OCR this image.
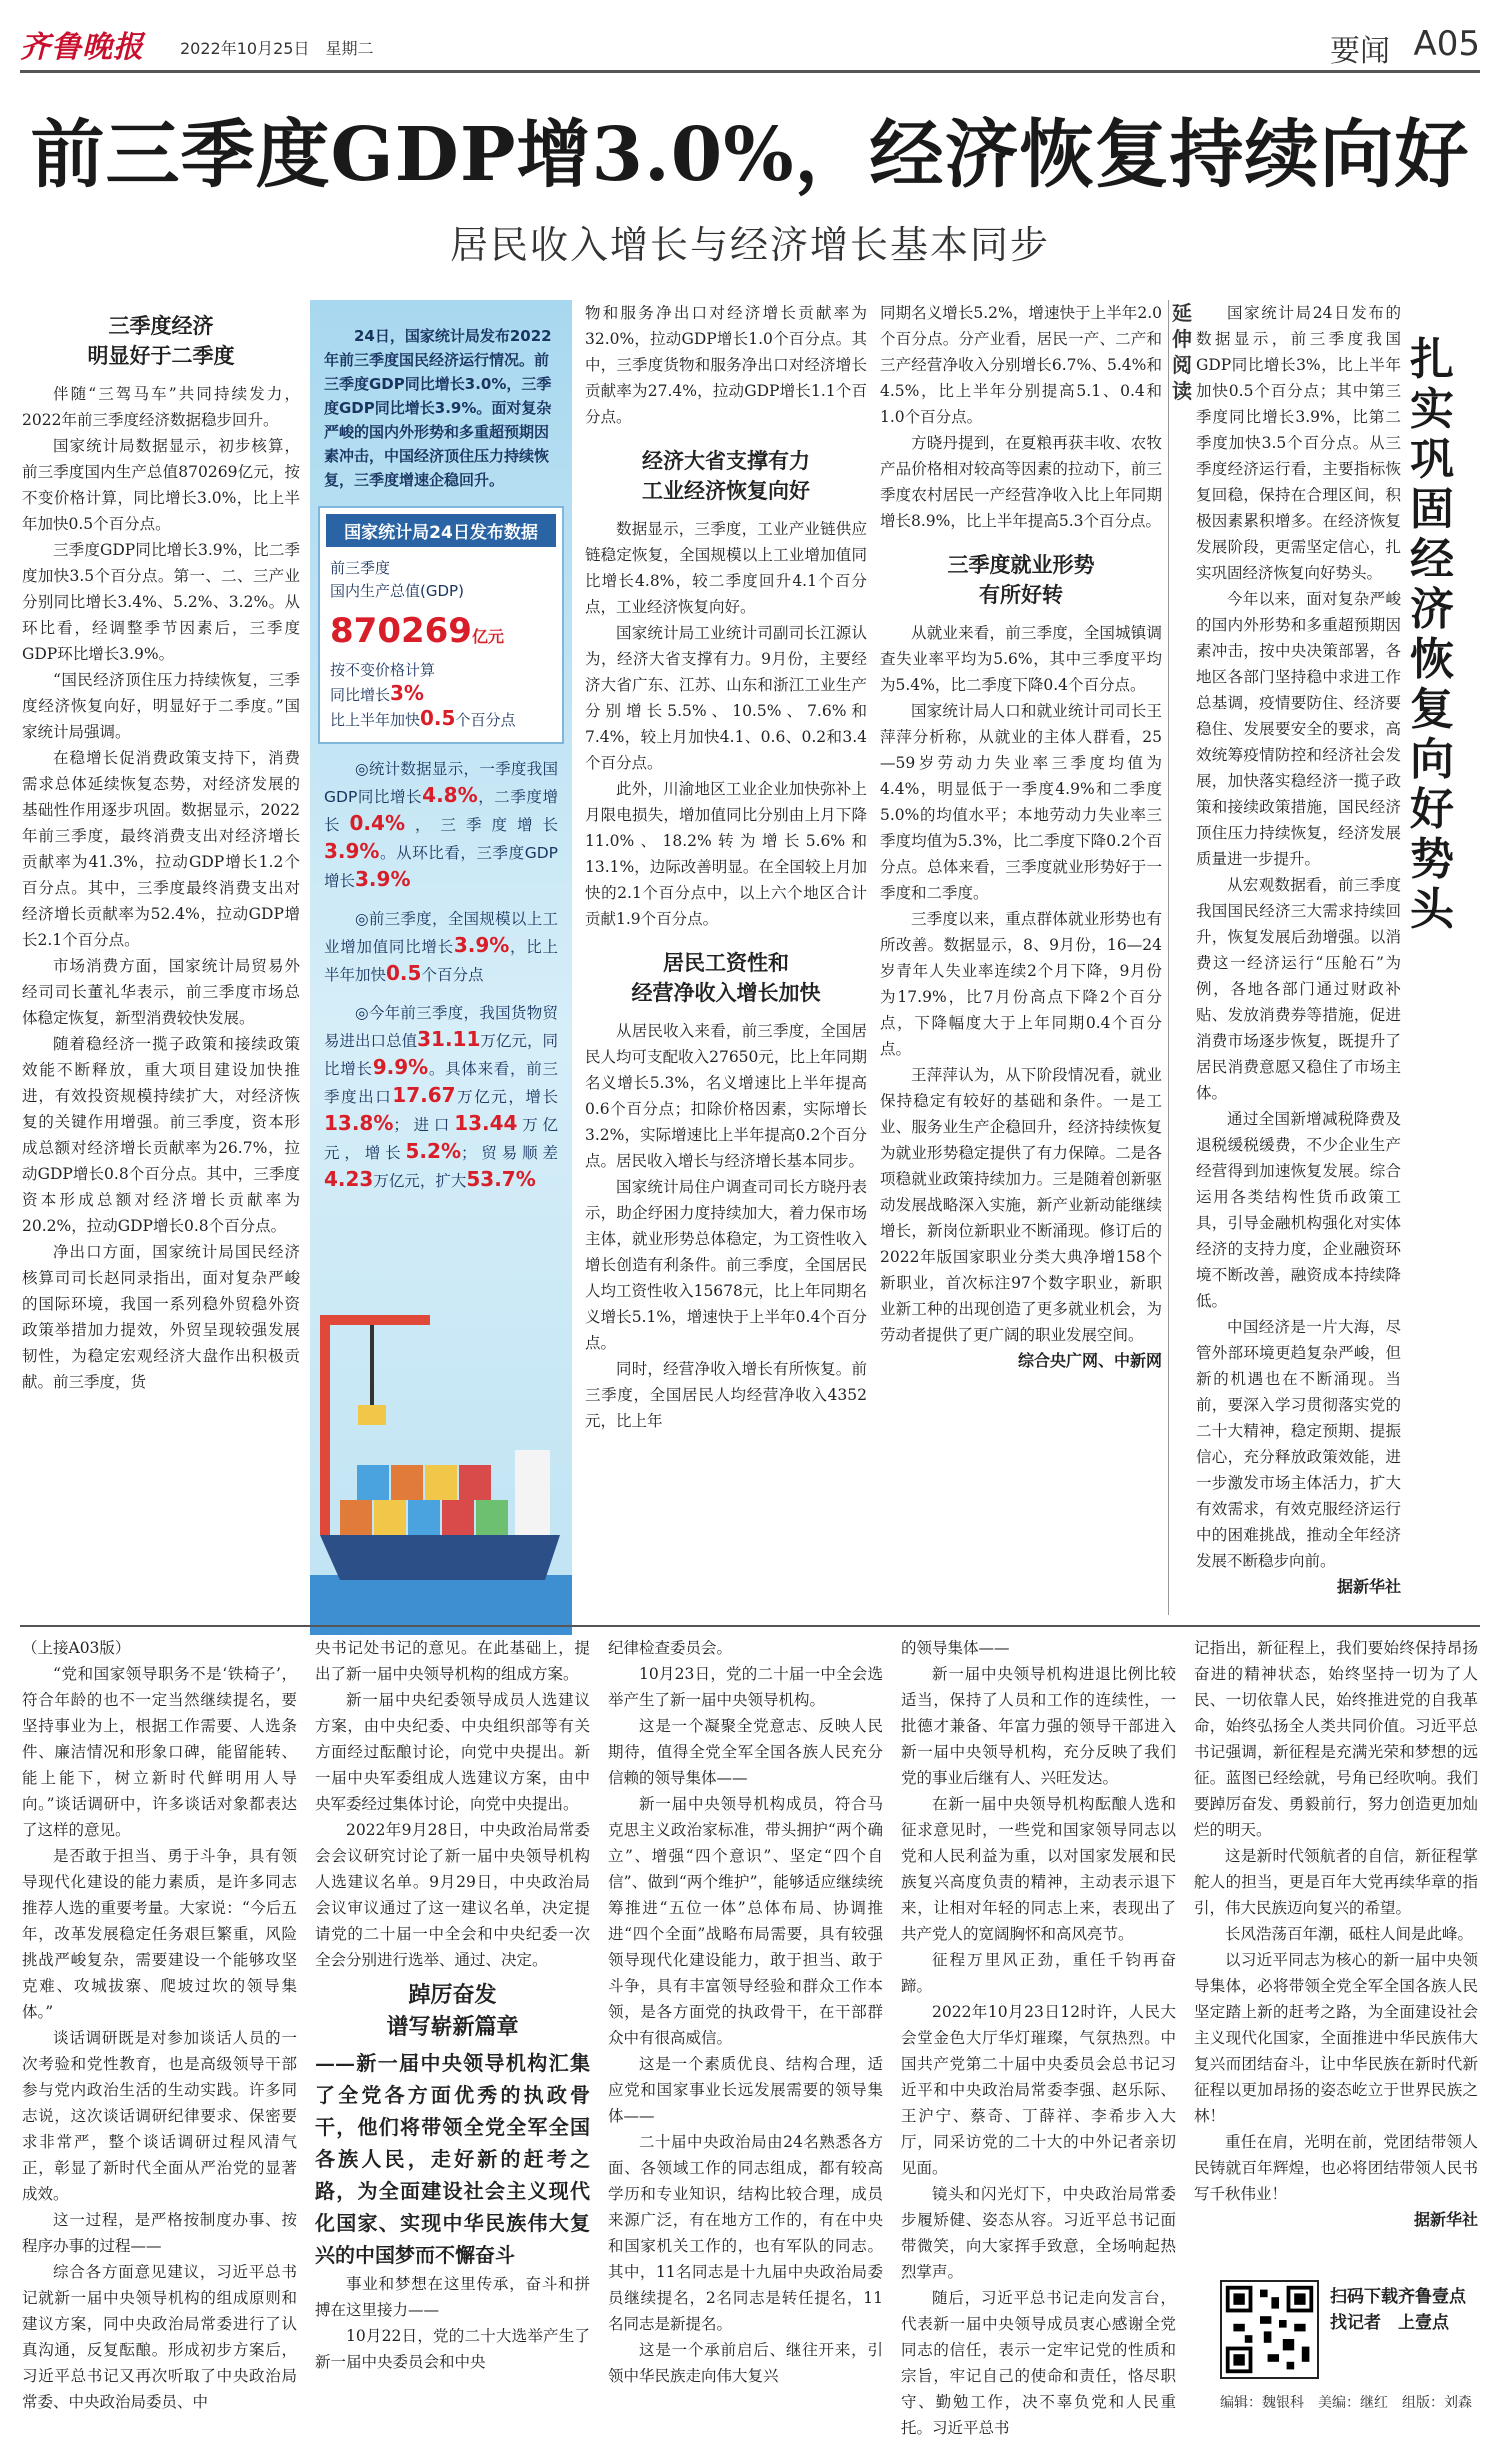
齐鲁晚报 2022年10月25日　星期二	要闻 A05
前三季度GDP增3.0%，经济恢复持续向好
居民收入增长与经济增长基本同步
三季度经济
明显好于二季度

伴随“三驾马车”共同持续发力，2022年前三季度经济数据稳步回升。

国家统计局数据显示，初步核算，前三季度国内生产总值870269亿元，按不变价格计算，同比增长3.0%，比上半年加快0.5个百分点。

三季度GDP同比增长3.9%，比二季度加快3.5个百分点。第一、二、三产业分别同比增长3.4%、5.2%、3.2%。从环比看，经调整季节因素后，三季度GDP环比增长3.9%。

“国民经济顶住压力持续恢复，三季度经济恢复向好，明显好于二季度。”国家统计局强调。

在稳增长促消费政策支持下，消费需求总体延续恢复态势，对经济发展的基础性作用逐步巩固。数据显示，2022年前三季度，最终消费支出对经济增长贡献率为41.3%，拉动GDP增长1.2个百分点。其中，三季度最终消费支出对经济增长贡献率为52.4%，拉动GDP增长2.1个百分点。

市场消费方面，国家统计局贸易外经司司长董礼华表示，前三季度市场总体稳定恢复，新型消费较快发展。

随着稳经济一揽子政策和接续政策效能不断释放，重大项目建设加快推进，有效投资规模持续扩大，对经济恢复的关键作用增强。前三季度，资本形成总额对经济增长贡献率为26.7%，拉动GDP增长0.8个百分点。其中，三季度资本形成总额对经济增长贡献率为20.2%，拉动GDP增长0.8个百分点。

净出口方面，国家统计局国民经济核算司司长赵同录指出，面对复杂严峻的国际环境，我国一系列稳外贸稳外资政策举措加力提效，外贸呈现较强发展韧性，为稳定宏观经济大盘作出积极贡献。前三季度，货

24日，国家统计局发布2022年前三季度国民经济运行情况。前三季度GDP同比增长3.0%，三季度GDP同比增长3.9%。面对复杂严峻的国内外形势和多重超预期因素冲击，中国经济顶住压力持续恢复，三季度增速企稳回升。
国家统计局24日发布数据
前三季度
国内生产总值(GDP)
870269亿元
按不变价格计算
同比增长3%
比上半年加快0.5个百分点
◎统计数据显示，一季度我国GDP同比增长4.8%，二季度增长0.4%，三季度增长3.9%。从环比看，三季度GDP增长3.9%
◎前三季度，全国规模以上工业增加值同比增长3.9%，比上半年加快0.5个百分点
◎今年前三季度，我国货物贸易进出口总值31.11万亿元，同比增长9.9%。具体来看，前三季度出口17.67万亿元，增长13.8%；进口13.44万亿元，增长5.2%；贸易顺差4.23万亿元，扩大53.7%

物和服务净出口对经济增长贡献率为32.0%，拉动GDP增长1.0个百分点。其中，三季度货物和服务净出口对经济增长贡献率为27.4%，拉动GDP增长1.1个百分点。

经济大省支撑有力
工业经济恢复向好

数据显示，三季度，工业产业链供应链稳定恢复，全国规模以上工业增加值同比增长4.8%，较二季度回升4.1个百分点，工业经济恢复向好。

国家统计局工业统计司副司长江源认为，经济大省支撑有力。9月份，主要经济大省广东、江苏、山东和浙江工业生产分别增长5.5%、10.5%、7.6%和7.4%，较上月加快4.1、0.6、0.2和3.4个百分点。

此外，川渝地区工业企业加快弥补上月限电损失，增加值同比分别由上月下降11.0%、18.2%转为增长5.6%和13.1%，边际改善明显。在全国较上月加快的2.1个百分点中，以上六个地区合计贡献1.9个百分点。

居民工资性和
经营净收入增长加快

从居民收入来看，前三季度，全国居民人均可支配收入27650元，比上年同期名义增长5.3%，名义增速比上半年提高0.6个百分点；扣除价格因素，实际增长3.2%，实际增速比上半年提高0.2个百分点。居民收入增长与经济增长基本同步。

国家统计局住户调查司司长方晓丹表示，助企纾困力度持续加大，着力保市场主体，就业形势总体稳定，为工资性收入增长创造有利条件。前三季度，全国居民人均工资性收入15678元，比上年同期名义增长5.1%，增速快于上半年0.4个百分点。

同时，经营净收入增长有所恢复。前三季度，全国居民人均经营净收入4352元，比上年

同期名义增长5.2%，增速快于上半年2.0个百分点。分产业看，居民一产、二产和三产经营净收入分别增长6.7%、5.4%和4.5%，比上半年分别提高5.1、0.4和1.0个百分点。

方晓丹提到，在夏粮再获丰收、农牧产品价格相对较高等因素的拉动下，前三季度农村居民一产经营净收入比上年同期增长8.9%，比上半年提高5.3个百分点。

三季度就业形势
有所好转

从就业来看，前三季度，全国城镇调查失业率平均为5.6%，其中三季度平均为5.4%，比二季度下降0.4个百分点。

国家统计局人口和就业统计司司长王萍萍分析称，从就业的主体人群看，25—59岁劳动力失业率三季度均值为4.4%，明显低于一季度4.9%和二季度5.0%的均值水平；本地劳动力失业率三季度均值为5.3%，比二季度下降0.2个百分点。总体来看，三季度就业形势好于一季度和二季度。

三季度以来，重点群体就业形势也有所改善。数据显示，8、9月份，16—24岁青年人失业率连续2个月下降，9月份为17.9%，比7月份高点下降2个百分点，下降幅度大于上年同期0.4个百分点。

王萍萍认为，从下阶段情况看，就业保持稳定有较好的基础和条件。一是工业、服务业生产企稳回升，经济持续恢复为就业形势稳定提供了有力保障。二是各项稳就业政策持续加力。三是随着创新驱动发展战略深入实施，新产业新动能继续增长，新岗位新职业不断涌现。修订后的2022年版国家职业分类大典净增158个新职业，首次标注97个数字职业，新职业新工种的出现创造了更多就业机会，为劳动者提供了更广阔的职业发展空间。

综合央广网、中新网
延伸阅读
扎实巩固经济恢复向好势头

国家统计局24日发布的数据显示，前三季度我国GDP同比增长3%，比上半年加快0.5个百分点；其中第三季度同比增长3.9%，比第二季度加快3.5个百分点。从三季度经济运行看，主要指标恢复回稳，保持在合理区间，积极因素累积增多。在经济恢复发展阶段，更需坚定信心，扎实巩固经济恢复向好势头。

今年以来，面对复杂严峻的国内外形势和多重超预期因素冲击，按中央决策部署，各地区各部门坚持稳中求进工作总基调，疫情要防住、经济要稳住、发展要安全的要求，高效统筹疫情防控和经济社会发展，加快落实稳经济一揽子政策和接续政策措施，国民经济顶住压力持续恢复，经济发展质量进一步提升。

从宏观数据看，前三季度我国国民经济三大需求持续回升，恢复发展后劲增强。以消费这一经济运行“压舱石”为例，各地各部门通过财政补贴、发放消费券等措施，促进消费市场逐步恢复，既提升了居民消费意愿又稳住了市场主体。

通过全国新增减税降费及退税缓税缓费，不少企业生产经营得到加速恢复发展。综合运用各类结构性货币政策工具，引导金融机构强化对实体经济的支持力度，企业融资环境不断改善，融资成本持续降低。

中国经济是一片大海，尽管外部环境更趋复杂严峻，但新的机遇也在不断涌现。当前，要深入学习贯彻落实党的二十大精神，稳定预期、提振信心，充分释放政策效能，进一步激发市场主体活力，扩大有效需求，有效克服经济运行中的困难挑战，推动全年经济发展不断稳步向前。

据新华社

（上接A03版）

“党和国家领导职务不是‘铁椅子’，符合年龄的也不一定当然继续提名，要坚持事业为上，根据工作需要、人选条件、廉洁情况和形象口碑，能留能转、能上能下，树立新时代鲜明用人导向。”谈话调研中，许多谈话对象都表达了这样的意见。

是否敢于担当、勇于斗争，具有领导现代化建设的能力素质，是许多同志推荐人选的重要考量。大家说：“今后五年，改革发展稳定任务艰巨繁重，风险挑战严峻复杂，需要建设一个能够攻坚克难、攻城拔寨、爬坡过坎的领导集体。”

谈话调研既是对参加谈话人员的一次考验和党性教育，也是高级领导干部参与党内政治生活的生动实践。许多同志说，这次谈话调研纪律要求、保密要求非常严，整个谈话调研过程风清气正，彰显了新时代全面从严治党的显著成效。

这一过程，是严格按制度办事、按程序办事的过程——

综合各方面意见建议，习近平总书记就新一届中央领导机构的组成原则和建议方案，同中央政治局常委进行了认真沟通，反复酝酿。形成初步方案后，习近平总书记又再次听取了中央政治局常委、中央政治局委员、中

央书记处书记的意见。在此基础上，提出了新一届中央领导机构的组成方案。

新一届中央纪委领导成员人选建议方案，由中央纪委、中央组织部等有关方面经过酝酿讨论，向党中央提出。新一届中央军委组成人选建议方案，由中央军委经过集体讨论，向党中央提出。

2022年9月28日，中央政治局常委会会议研究讨论了新一届中央领导机构人选建议名单。9月29日，中央政治局会议审议通过了这一建议名单，决定提请党的二十届一中全会和中央纪委一次全会分别进行选举、通过、决定。

踔厉奋发
谱写崭新篇章

——新一届中央领导机构汇集了全党各方面优秀的执政骨干，他们将带领全党全军全国各族人民，走好新的赶考之路，为全面建设社会主义现代化国家、实现中华民族伟大复兴的中国梦而不懈奋斗

事业和梦想在这里传承，奋斗和拼搏在这里接力——

10月22日，党的二十大选举产生了新一届中央委员会和中央

纪律检查委员会。

10月23日，党的二十届一中全会选举产生了新一届中央领导机构。

这是一个凝聚全党意志、反映人民期待，值得全党全军全国各族人民充分信赖的领导集体——

新一届中央领导机构成员，符合马克思主义政治家标准，带头拥护“两个确立”、增强“四个意识”、坚定“四个自信”、做到“两个维护”，能够适应继续统筹推进“五位一体”总体布局、协调推进“四个全面”战略布局需要，具有较强领导现代化建设能力，敢于担当、敢于斗争，具有丰富领导经验和群众工作本领，是各方面党的执政骨干，在干部群众中有很高威信。

这是一个素质优良、结构合理，适应党和国家事业长远发展需要的领导集体——

二十届中央政治局由24名熟悉各方面、各领域工作的同志组成，都有较高学历和专业知识，结构比较合理，成员来源广泛，有在地方工作的，有在中央和国家机关工作的，也有军队的同志。其中，11名同志是十九届中央政治局委员继续提名，2名同志是转任提名，11名同志是新提名。

这是一个承前启后、继往开来，引领中华民族走向伟大复兴

的领导集体——

新一届中央领导机构进退比例比较适当，保持了人员和工作的连续性，一批德才兼备、年富力强的领导干部进入新一届中央领导机构，充分反映了我们党的事业后继有人、兴旺发达。

在新一届中央领导机构酝酿人选和征求意见时，一些党和国家领导同志以党和人民利益为重，以对国家发展和民族复兴高度负责的精神，主动表示退下来，让相对年轻的同志上来，表现出了共产党人的宽阔胸怀和高风亮节。

征程万里风正劲，重任千钧再奋蹄。

2022年10月23日12时许，人民大会堂金色大厅华灯璀璨，气氛热烈。中国共产党第二十届中央委员会总书记习近平和中央政治局常委李强、赵乐际、王沪宁、蔡奇、丁薛祥、李希步入大厅，同采访党的二十大的中外记者亲切见面。

镜头和闪光灯下，中央政治局常委步履矫健、姿态从容。习近平总书记面带微笑，向大家挥手致意，全场响起热烈掌声。

随后，习近平总书记走向发言台，代表新一届中央领导成员衷心感谢全党同志的信任，表示一定牢记党的性质和宗旨，牢记自己的使命和责任，恪尽职守、勤勉工作，决不辜负党和人民重托。习近平总书

记指出，新征程上，我们要始终保持昂扬奋进的精神状态，始终坚持一切为了人民、一切依靠人民，始终推进党的自我革命，始终弘扬全人类共同价值。习近平总书记强调，新征程是充满光荣和梦想的远征。蓝图已经绘就，号角已经吹响。我们要踔厉奋发、勇毅前行，努力创造更加灿烂的明天。

这是新时代领航者的自信，新征程掌舵人的担当，更是百年大党再续华章的指引，伟大民族迈向复兴的希望。

长风浩荡百年潮，砥柱人间是此峰。

以习近平同志为核心的新一届中央领导集体，必将带领全党全军全国各族人民坚定踏上新的赶考之路，为全面建设社会主义现代化国家，全面推进中华民族伟大复兴而团结奋斗，让中华民族在新时代新征程以更加昂扬的姿态屹立于世界民族之林！

重任在肩，光明在前，党团结带领人民铸就百年辉煌，也必将团结带领人民书写千秋伟业！

据新华社
扫码下载齐鲁壹点
找记者　上壹点
编辑：魏银科　美编：继红　组版：刘森
